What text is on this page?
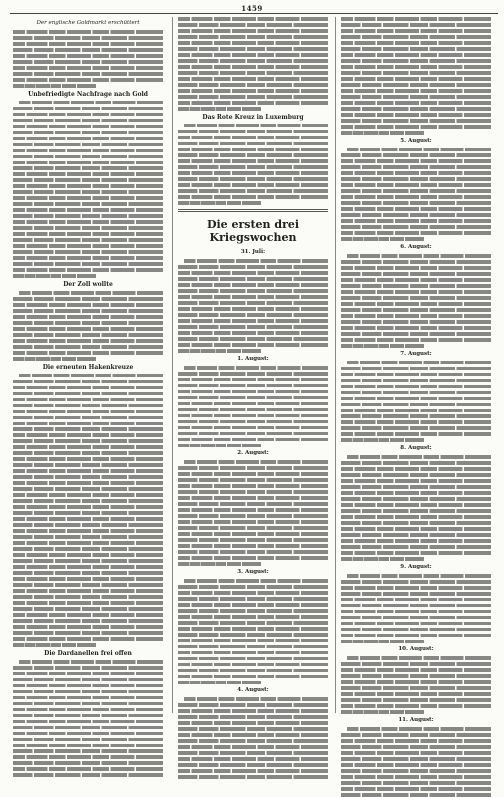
1459
Der englische Goldmarkt erschüttert
Unbefriedigte Nachfrage nach Gold
Der Zoll wollte
Die erneuten Hakenkreuze
Die Dardanellen frei offen
Das Rote Kreuz in Luxemburg
Die ersten drei Kriegswochen
31. Juli:
1. August:
2. August:
3. August:
4. August:
5. August:
6. August:
7. August:
8. August:
9. August:
10. August:
11. August:
